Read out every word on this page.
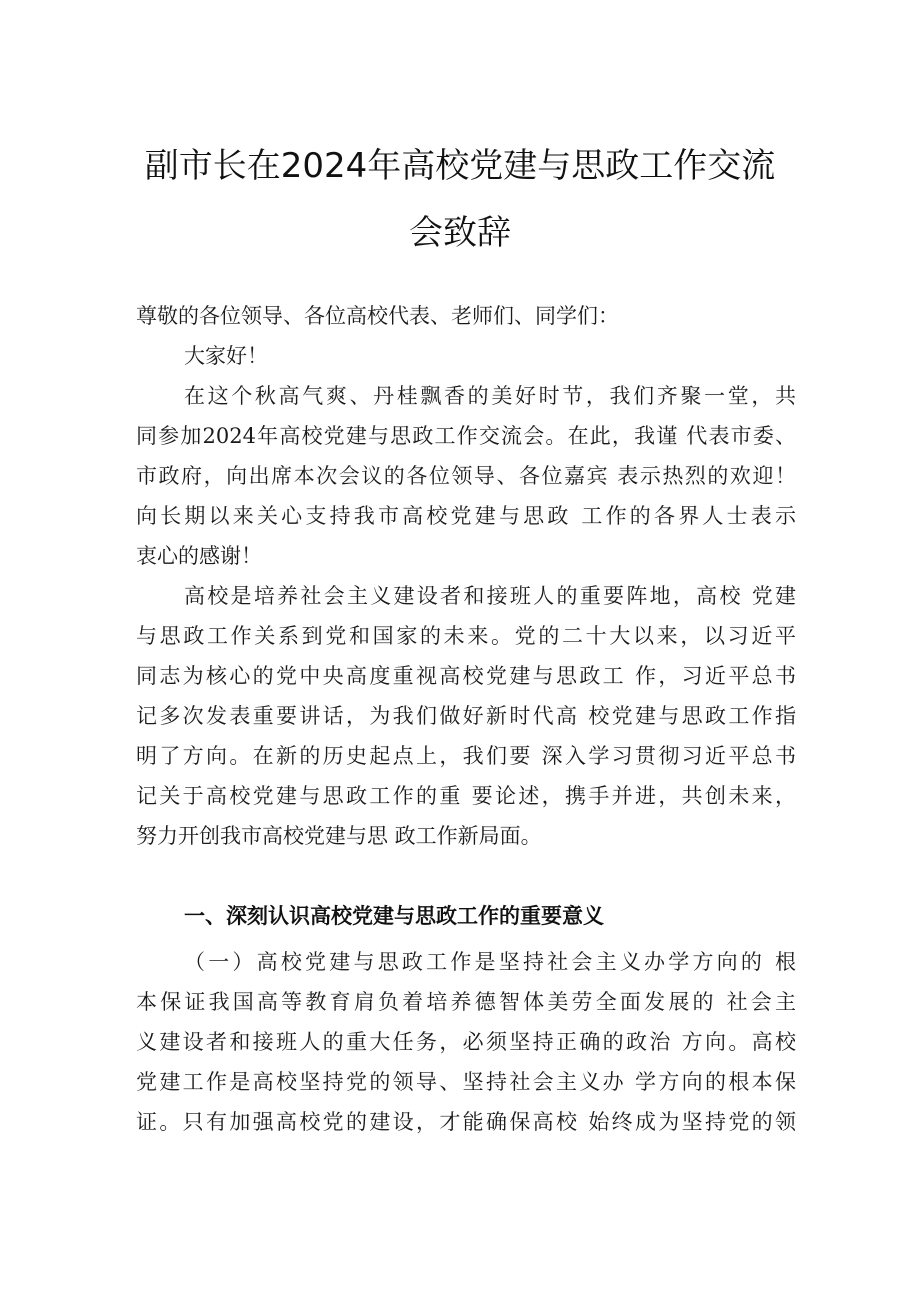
副市长在2024年高校党建与思政工作交流
会致辞
尊敬的各位领导、各位高校代表、老师们、同学们：
大家好！
在这个秋高气爽、丹桂飘香的美好时节，我们齐聚一堂，共
同参加2024年高校党建与思政工作交流会。在此，我谨 代表市委、
市政府，向出席本次会议的各位领导、各位嘉宾 表示热烈的欢迎！
向长期以来关心支持我市高校党建与思政 工作的各界人士表示
衷心的感谢！
高校是培养社会主义建设者和接班人的重要阵地，高校 党建
与思政工作关系到党和国家的未来。党的二十大以来，以习近平
同志为核心的党中央高度重视高校党建与思政工 作，习近平总书
记多次发表重要讲话，为我们做好新时代高 校党建与思政工作指
明了方向。在新的历史起点上，我们要 深入学习贯彻习近平总书
记关于高校党建与思政工作的重 要论述，携手并进，共创未来，
努力开创我市高校党建与思 政工作新局面。
一、深刻认识高校党建与思政工作的重要意义
（一）高校党建与思政工作是坚持社会主义办学方向的 根
本保证我国高等教育肩负着培养德智体美劳全面发展的 社会主
义建设者和接班人的重大任务，必须坚持正确的政治 方向。高校
党建工作是高校坚持党的领导、坚持社会主义办 学方向的根本保
证。只有加强高校党的建设，才能确保高校 始终成为坚持党的领
